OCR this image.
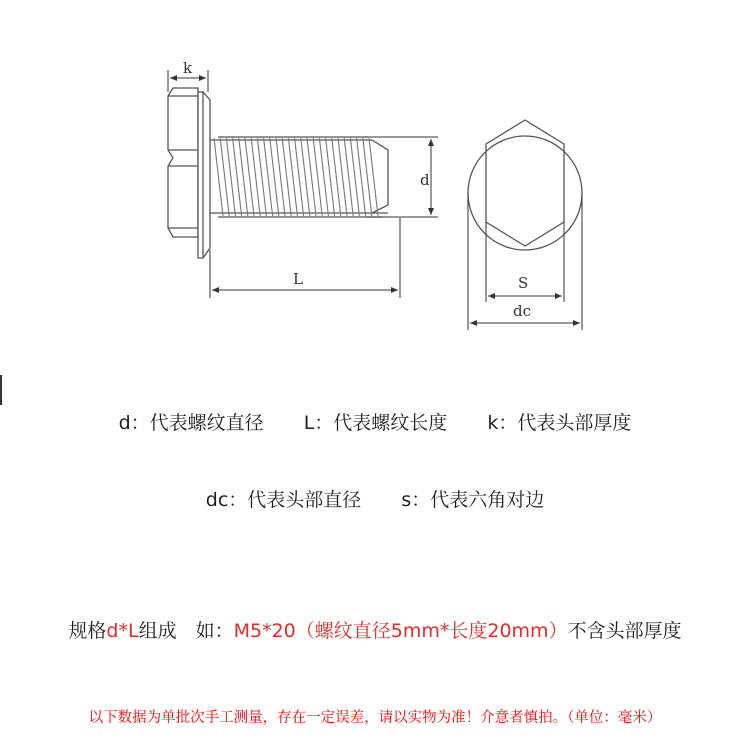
k
d
L	S
dc
d：代表螺纹直径 L：代表螺纹长度 k：代表头部厚度
dc：代表头部直径 s：代表六角对边
规格d*L组成　如：M5*20（螺纹直径5mm*长度20mm）不含头部厚度
以下数据为单批次手工测量，存在一定误差，请以实物为准！介意者慎拍。（单位：毫米）
